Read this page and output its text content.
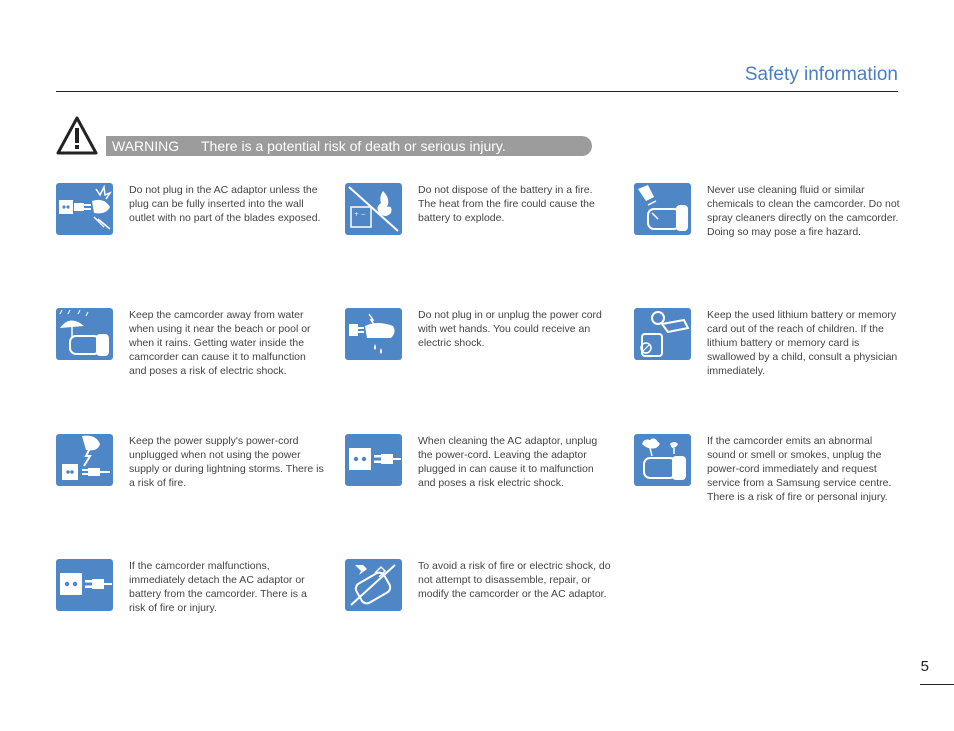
Safety information
WARNING There is a potential risk of death or serious injury.
Do not plug in the AC adaptor unless the plug can be fully inserted into the wall outlet with no part of the blades exposed.	+ −
Do not dispose of the battery in a fire. The heat from the fire could cause the battery to explode.
Never use cleaning fluid or similar chemicals to clean the camcorder. Do not spray cleaners directly on the camcorder. Doing so may pose a fire hazard.
Keep the camcorder away from water when using it near the beach or pool or when it rains. Getting water inside the camcorder can cause it to malfunction and poses a risk of electric shock.
Do not plug in or unplug the power cord with wet hands. You could receive an electric shock.
Keep the used lithium battery or memory card out of the reach of children. If the lithium battery or memory card is swallowed by a child, consult a physician immediately.
Keep the power supply's power-cord unplugged when not using the power supply or during lightning storms. There is a risk of fire.
When cleaning the AC adaptor, unplug the power-cord. Leaving the adaptor plugged in can cause it to malfunction and poses a risk electric shock.
If the camcorder emits an abnormal sound or smell or smokes, unplug the power-cord immediately and request service from a Samsung service centre. There is a risk of fire or personal injury.
If the camcorder malfunctions, immediately detach the AC adaptor or battery from the camcorder. There is a risk of fire or injury.
To avoid a risk of fire or electric shock, do not attempt to disassemble, repair, or modify the camcorder or the AC adaptor.
5
